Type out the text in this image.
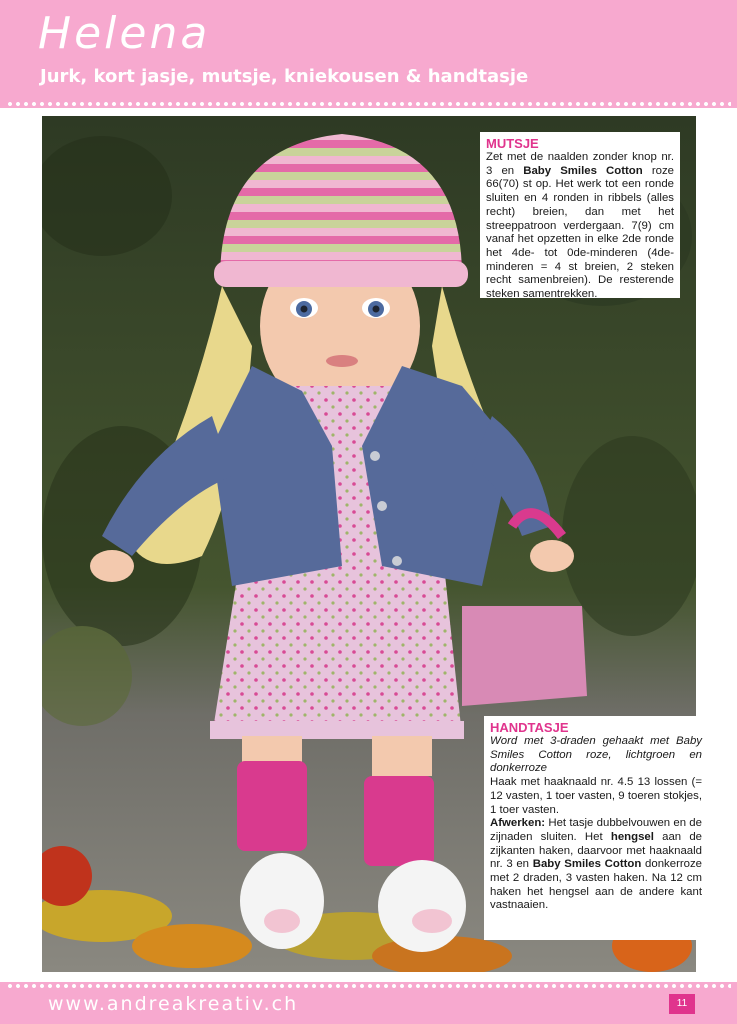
Helena
Jurk, kort jasje, mutsje, kniekousen & handtasje
MUTSJE
Zet met de naalden zonder knop nr. 3 en Baby Smiles Cotton roze 66(70) st op. Het werk tot een ronde sluiten en 4 ronden in ribbels (alles recht) breien, dan met het streeppatroon verdergaan. 7(9) cm vanaf het opzetten in elke 2de ronde het 4de- tot 0de-minderen (4de- minderen = 4 st breien, 2 steken recht samenbreien). De resterende steken samentrekken.
HANDTASJE
Word met 3-draden gehaakt met Baby Smiles Cotton roze, lichtgroen en donkerroze
Haak met haaknaald nr. 4.5 13 lossen (= 12 vasten, 1 toer vasten, 9 toeren stokjes, 1 toer vasten.
Afwerken: Het tasje dubbelvouwen en de zijnaden sluiten. Het hengsel aan de zijkanten haken, daarvoor met haaknaald nr. 3 en Baby Smiles Cotton donkerroze met 2 draden, 3 vasten haken. Na 12 cm haken het hengsel aan de andere kant vastnaaien.
www.andreakreativ.ch	11
